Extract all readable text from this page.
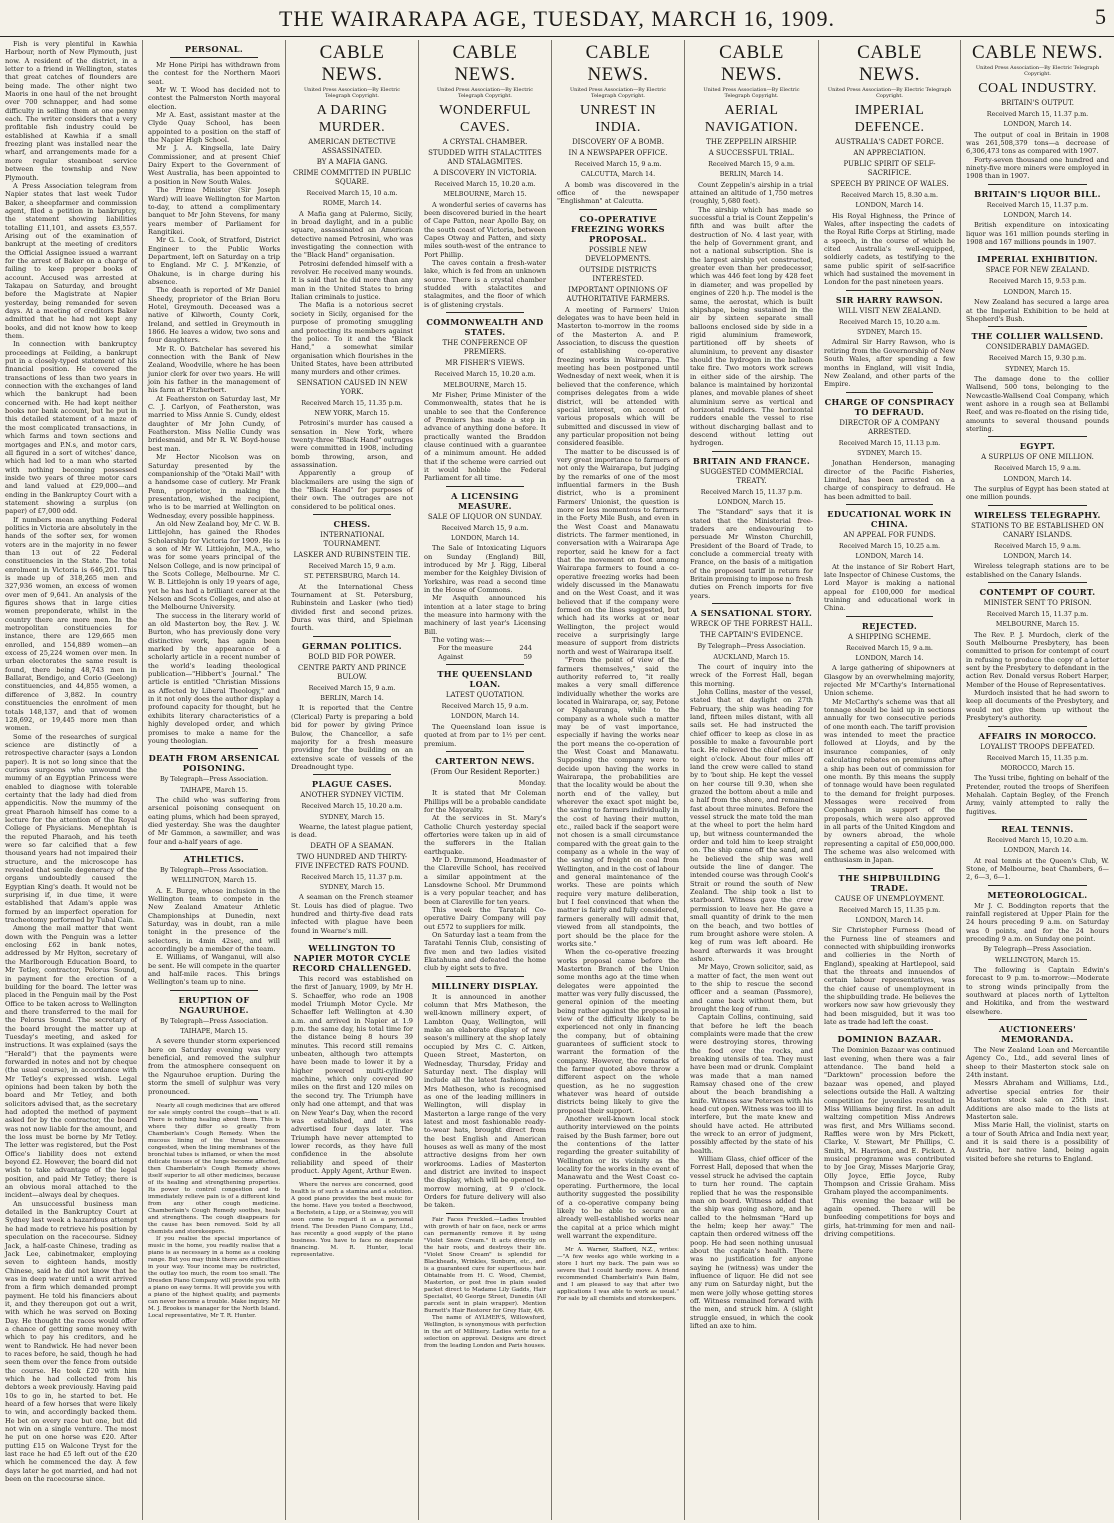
THE WAIRARAPA AGE, TUESDAY, MARCH 16, 1909.	5

Fish is very plentiful in Kawhia Harbour, north of New Plymouth, just now. A resident of the district, in a letter to a friend in Wellington, states that great catches of flounders are being made. The other night two Maoris in one haul of the net brought over 700 schnapper, and had some difficulty in selling them at one penny each. The writer considers that a very profitable fish industry could be established at Kawhia if a small freezing plant was installed near the wharf, and arrangements made for a more regular steamboat service between the township and New Plymouth.

A Press Association telegram from Napier states that last week Tudor Baker, a sheepfarmer and commission agent, filed a petition in bankruptcy, the statement showing liabilities totalling £11,101, and assets £3,557. Arising out of the examination of bankrupt at the meeting of creditors the Official Assignee issued a warrant for the arrest of Baker on a charge of failing to keep proper books of account. Accused was arrested at Takapau on Saturday, and brought before the Magistrate at Napier yesterday, being remanded for seven days. At a meeting of creditors Baker admitted that he had not kept any books, and did not know how to keep them.

In connection with bankruptcy proceedings at Feilding, a bankrupt put in a closely-typed statement of his financial position. He covered the transactions of less than two years in connection with the exchanges of land which the bankrupt had been concerned with. He had kept neither books nor bank account, but he put in this detailed statement of a maze of the most complicated transactions, in which farms and town sections and mortgages and P.N.s, and motor cars, all figured in a sort of witches' dance, which had led to a man who started with nothing becoming possessed inside two years of three motor cars and land valued at £29,000—and ending in the Bankruptcy Court with a statement showing a surplus (on paper) of £7,000 odd.

If numbers mean anything Federal politics in Victoria are absolutely in the hands of the softer sex, for women voters are in the majority in no fewer than 13 out of 22 Federal constituencies in the State. The total enrolment in Victoria is 646,201. This is made up of 318,265 men and 327,936 women, an excess of women over men of 9,641. An analysis of the figures shows that in large cities women preponderate, whilst in the country there are more men. In the metropolitan constituencies for instance, there are 129,665 men enrolled, and 154,889 women—an excess of 25,224 women over men. In urban electorates the same result is found, there being 48,743 men in Ballarat, Bendigo, and Corio (Geelong) constituencies, and 44,855 women, a difference of 3,882. In country constituencies the enrolment of men totals 148,137, and that of women 128,692, or 19,445 more men than women.

Some of the researches of surgical science are distinctly of a retrospective character (says a London paper). It is not so long since that the curious surgeons who unwound the mummy of an Egyptian Princess were enabled to diagnose with tolerable certainty that the lady had died from appendicitis. Now the mummy of the great Pharaoh himself has come to a lecture for the attention of the Royal College of Physicians. Menephtah is the reputed Pharaoh, and his teeth were so far calcified that a few thousand years had not impaired their structure, and the microscope has revealed that senile degeneracy of the organs undoubtedly caused the Egyptian King's death. It would not be surprising if, in due time, it were established that Adam's apple was formed by an imperfect operation for tracheotomy performed by Tubal Cain.

Among the mail matter that went down with the Penguin was a letter enclosing £62 in bank notes, addressed by Mr Hylton, secretary of the Marlborough Education Board, to Mr Tetley, contractor, Pelorus Sound, in payment for the erection of a building for the board. The letter was placed in the Penguin mail by the Post Office to be taken across to Wellington and there transferred to the mail for the Pelorus Sound. The secretary of the board brought the matter up at Tuesday's meeting, and asked for instructions. It was explained (says the "Herald") that the payments were forwarded in notes and not by cheque (the usual course), in accordance with Mr Tetley's expressed wish. Legal opinions had been taken by both the board and Mr Tetley, and both solicitors advised that, as the secretary had adopted the method of payment asked for by the contractor, the board was not now liable for the amount, and the loss must be borne by Mr Tetley. The letter was registered, but the Post Office's liability does not extend beyond £2. However, the board did not wish to take advantage of the legal position, and paid Mr Tetley; there is an obvious moral attached to the incident—always deal by cheques.

An unsuccessful business man detailed in the Bankruptcy Court at Sydney last week a hazardous attempt he had made to retrieve his position by speculation on the racecourse. Sidney Jack, a half-caste Chinese, trading as Jack Lee, cabinetmaker, employing seven to eighteen hands, mostly Chinese, said he did not know that he was in deep water until a writ arrived from a firm which demanded prompt payment. He told his financiers about it, and they thereupon got out a writ, with which he was served on Boxing Day. He thought the races would offer a chance of getting some money with which to pay his creditors, and he went to Randwick. He had never been to races before, he said, though he had seen them over the fence from outside the course. He took £20 with him which he had collected from his debtors a week previously. Having paid 10s to go in, he started to bet. He heard of a few horses that were likely to win, and accordingly backed them. He bet on every race but one, but did not win on a single venture. The most he put on one horse was £20. After putting £15 on Walcone Tryst for the last race he had £5 left out of the £20 which he commenced the day. A few days later he got married, and had not been on the racecourse since.

PERSONAL.

Mr Hone Piripi has withdrawn from the contest for the Northern Maori seat.

Mr W. T. Wood has decided not to contest the Palmerston North mayoral election.

Mr A. East, assistant master at the Clyde Quay School, has been appointed to a position on the staff of the Napier High School.

Mr J. A. Kingsella, late Dairy Commissioner, and at present Chief Dairy Expert to the Government of West Australia, has been appointed to a position in New South Wales.

The Prime Minister (Sir Joseph Ward) will leave Wellington for Marton to-day, to attend a complimentary banquet to Mr John Stevens, for many years member of Parliament for Rangitikei.

Mr G. L. Cook, of Stratford, District Engineer to the Public Works Department, left on Saturday on a trip to England. Mr C. J. M'Kenzie, of Ohakune, is in charge during his absence.

The death is reported of Mr Daniel Sheedy, proprietor of the Brian Boru Hotel, Greymouth. Deceased was a native of Kilworth, County Cork, Ireland, and settled in Greymouth in 1866. He leaves a widow, two sons and four daughters.

Mr R. O. Batchelar has severed his connection with the Bank of New Zealand, Woodville, where he has been junior clerk for over two years. He will join his father in the management of his farm at Fitzherbert.

At Featherston on Saturday last, Mr C. J. Carlyon, of Featherston, was married to Miss Annie S. Cundy, eldest daughter of Mr John Cundy, of Featherston. Miss Nellie Cundy was bridesmaid, and Mr R. W. Boyd-house best man.

Mr Hector Nicolson was on Saturday presented by the companionship of the "Otaki Mail" with a handsome case of cutlery. Mr Frank Penn, proprietor, in making the presentation, wished the recipient, who is to be married at Wellington on Wednesday, every possible happiness.

An old New Zealand boy, Mr C. W. B. Littlejohn, has gained the Rhodes Scholarship for Victoria for 1909. He is a son of Mr W. Littlejohn, M.A., who was for some years principal of the Nelson College, and is now principal of the Scots College, Melbourne. Mr C. W. B. Littlejohn is only 19 years of age, yet he has had a brilliant career at the Nelson and Scots Colleges, and also at the Melbourne University.

The success in the literary world of an old Masterton boy, the Rev. J. W. Burton, who has previously done very distinctive work, has again been marked by the appearance of a scholarly article in a recent number of the world's leading theological publication—"Hibbert's Journal." The article is entitled "Christian Missions as Affected by Liberal Theology," and in it not only does the author display a profound capacity for thought, but he exhibits literary characteristics of a highly developed order, and which promises to make a name for the young theologian.

DEATH FROM ARSENICAL POISONING.
By Telegraph—Press Association.
TAIHAPE, March 15.

The child who was suffering from arsenical poisoning consequent on eating plums, which had been sprayed, died yesterday. She was the daughter of Mr Gammon, a sawmiller, and was four and a-half years of age.

ATHLETICS.
By Telegraph—Press Association.
WELLINGTON, March 15.

A. E. Burge, whose inclusion in the Wellington team to compete in the New Zealand Amateur Athletic Championships at Dunedin, next Saturday, was in doubt, ran a mile tonight in the presence of the selectors, in 4min 42sec, and will accordingly be a member of the team.

E. Williams, of Wanganui, will also be sent. He will compete in the quarter and half-mile races. This brings Wellington's team up to nine.

ERUPTION OF NGAURUHOE.
By Telegraph—Press Association.
TAIHAPE, March 15.

A severe thunder storm experienced here on Saturday evening was very beneficial, and removed the sulphur from the atmosphere consequent on the Ngauruhoe eruption. During the storm the smell of sulphur was very pronounced.

Nearly all cough medicines that are offered for sale simply control the cough—that is all. There is nothing healing about them. This is where they differ so greatly from Chamberlain's Cough Remedy. When the mucous lining of the throat becomes congested, when the lining membranes of the bronchial tubes is inflamed, or when the most delicate tissues of the lungs become affected, then Chamberlain's Cough Remedy shows itself superior to all other medicines, because of its healing and strengthening properties. Its power to control congestion and to immediately relieve pain is of a different kind from any other cough medicine. Chamberlain's Cough Remedy soothes, heals and strengthens. The cough disappears for the cause has been removed. Sold by all chemists and storekeepers.

If you realise the special importance of music in the home, you readily realise that a piano is as necessary in a home as a cooking range. But you may think there are difficulties in your way. Your income may be restricted, the outlay too much, the room too small. The Dresden Piano Company will provide you with a piano on easy terms. It will provide you with a piano of the highest quality, and payments can never become a trouble. Make inquiry. Mr M. J. Brookes is manager for the North Island. Local representative, Mr T. R. Hunter.

CABLE NEWS.
United Press Association—By Electric Telegraph Copyright.
A DARING MURDER.
AMERICAN DETECTIVE ASSASSINATED.
BY A MAFIA GANG.
CRIME COMMITTED IN PUBLIC SQUARE.
Received March 15, 10 a.m.
ROME, March 14.

A Mafia gang at Palermo, Sicily, in broad daylight, and in a public square, assassinated an American detective named Petrosini, who was investigating the connection with the "Black Hand" organisation.

Petrosini defended himself with a revolver. He received many wounds. It is said that he did more than any man in the United States to bring Italian criminals to justice.

The Mafia is a notorious secret society in Sicily, organised for the purpose of promoting smuggling and protecting its members against the police. To it and the "Black Hand," a somewhat similar organisation which flourishes in the United States, have been attributed many murders and other crimes.

SENSATION CAUSED IN NEW YORK.
Received March 15, 11.35 p.m.
NEW YORK, March 15.

Petrosini's murder has caused a sensation in New York, where twenty-three "Black Hand" outrages were committed in 1908, including bomb throwing, arson, and assassination.

Apparently a group of blackmailers are using the sign of the "Black Hand" for purposes of their own. The outrages are not considered to be political ones.

CHESS.
INTERNATIONAL TOURNAMENT.
LASKER AND RUBINSTEIN TIE.
Received March 15, 9 a.m.
ST. PETERSBURG, March 14.

At the International Chess Tournament at St. Petersburg, Rubinstein and Lasker (who tied) divided first and second prizes. Duras was third, and Spielman fourth.

GERMAN POLITICS.
BOLD BID FOR POWER.
CENTRE PARTY AND PRINCE BULOW.
Received March 15, 9 a.m.
BERLIN, March 14.

It is reported that the Centre (Clerical) Party is preparing a bold bid for power by giving Prince Bulow, the Chancellor, a safe majority for a fresh measure providing for the building on an extensive scale of vessels of the Dreadnought type.

PLAGUE CASES.
ANOTHER SYDNEY VICTIM.
Received March 15, 10.20 a.m.
SYDNEY, March 15.

Wearne, the latest plague patient, is dead.

DEATH OF A SEAMAN.
TWO HUNDRED AND THIRTY-FIVE INFECTED RATS FOUND.
Received March 15, 11.37 p.m.
SYDNEY, March 15.

A seaman on the French steamer St. Louis has died of plague. Two hundred and thirty-five dead rats infected with plague have been found in Wearne's mill.

WELLINGTON TO NAPIER MOTOR CYCLE RECORD CHALLENGED.

This record was established on the first of January, 1909, by Mr H. S. Schaeffer, who rode an 1908 model Triumph Motor Cycle. Mr Schaeffer left Wellington at 4.30 a.m. and arrived in Napier at 1.9 p.m. the same day, his total time for the distance being 8 hours 39 minutes. This record still remains unbeaten, although two attempts have been made to lower it by a higher powered multi-cylinder machine, which only covered 90 miles on the first and 120 miles on the second try. The Triumph have only had one attempt, and that was on New Year's Day, when the record was established, and it was advertised four days later. The Triumph have never attempted to lower records, as they have full confidence in the absolute reliability and speed of their product. Apply Agent, Arthur Ewen.

Where the nerves are concerned, good health is of such a stamina and a solution. A good piano provides the best music for the home. Have you tested a Beechwood, a Bechstein, a Lipp, or a Steinway, you will soon come to regard it as a personal friend. The Dresden Piano Company, Ltd., has recently a good supply of the piano business. You have to face no desperate financing. M. R. Hunter, local representative.

CABLE NEWS.
United Press Association—By Electric Telegraph Copyright.
WONDERFUL CAVES.
A CRYSTAL CHAMBER.
STUDDED WITH STALACTITES AND STALAGMITES.
A DISCOVERY IN VICTORIA.
Received March 15, 10.20 a.m.
MELBOURNE, March 15.

A wonderful series of caverns has been discovered buried in the heart of Cape Patton, near Apollo Bay, on the south coast of Victoria, between Capes Otway and Patten, and sixty miles south-west of the entrance to Port Phillip.

The caves contain a fresh-water lake, which is fed from an unknown source. There is a crystal chamber studded with stalactites and stalagmites, and the floor of which is of glistening crystals.

COMMONWEALTH AND STATES.
THE CONFERENCE OF PREMIERS.
MR FISHER'S VIEWS.
Received March 15, 10.20 a.m.
MELBOURNE, March 15.

Mr Fisher, Prime Minister of the Commonwealth, states that he is unable to see that the Conference of Premiers has made a step in advance of anything done before. It practically wanted the Braddon clause continued with a guarantee of a minimum amount. He added that if the scheme were carried out it would hobble the Federal Parliament for all time.

A LICENSING MEASURE.
SALE OF LIQUOR ON SUNDAY.
Received March 15, 9 a.m.
LONDON, March 14.

The Sale of Intoxicating Liquors on Sunday (England) Bill, introduced by Mr J. Rigg, Liberal member for the Keighley Division of Yorkshire, was read a second time in the House of Commons.

Mr Asquith announced his intention at a later stage to bring the measure into harmony with the machinery of last year's Licensing Bill.

The voting was:—

For the measure	244
Against	59
THE QUEENSLAND LOAN.
LATEST QUOTATION.
Received March 15, 9 a.m.
LONDON, March 14.

The Queensland loan issue is quoted at from par to 1½ per cent. premium.

CARTERTON NEWS.
(From Our Resident Reporter.)
Monday.

It is stated that Mr Coleman Phillips will be a probable candidate for the Mayoralty.

At the services in St. Mary's Catholic Church yesterday special offertories were taken up in aid of the sufferers in the Italian earthquake.

Mr D. Drummond, Headmaster of the Clareville School, has received a similar appointment at the Lansdowne School. Mr Drummond is a very popular teacher, and has been at Clareville for ten years.

This week the Taratahi Co-operative Dairy Company will pay out £572 to suppliers for milk.

On Saturday last a team from the Taratahi Tennis Club, consisting of five men and two ladies visited Ekatahuna and defeated the home club by eight sets to five.

MILLINERY DISPLAY.

It is announced in another column that Mrs Matheson, the well-known millinery expert, of Lambton Quay, Wellington, will make an elaborate display of new season's millinery at the shop lately occupied by Mrs C. C. Aitken, Queen Street, Masterton, on Wednesday, Thursday, Friday and Saturday next. The display will include all the latest fashions, and Mrs Matheson, who is recognised as one of the leading milliners in Wellington, will display in Masterton a large range of the very latest and most fashionable ready-to-wear hats, brought direct from the best English and American houses as well as many of the most attractive designs from her own workrooms. Ladies of Masterton and district are invited to inspect the display, which will be opened to-morrow morning, at 9 o'clock. Orders for future delivery will also be taken.

Fair Faces Freckled.—Ladies troubled with growth of hair on face, neck or arms can permanently remove it by using "Violet Snow Cream." It acts directly on the hair roots, and destroys their life. "Violet Snow Cream" is splendid for Blackheads, Wrinkles, Sunburn, etc., and is a guaranteed cure for superfluous hair. Obtainable from H. C. Wood, Chemist, Masterton, or post free in plain sealed packet direct to Madame Lily Gadds, Hair Specialist, 40 George Street, Dunedin (All parcels sent in plain wrapper). Mention Burnett's Hair Restorer for Grey Hair, 4/6.

The name of AYLMER'S, Willowsford, Wellington, is synonymous with perfection in the art of Millinery. Ladies write for a selection on approval. Designs are direct from the leading London and Paris houses.

CABLE NEWS.
United Press Association—By Electric Telegraph Copyright.
UNREST IN INDIA.
DISCOVERY OF A BOMB.
IN A NEWSPAPER OFFICE.
Received March 15, 9 a.m.
CALCUTTA, March 14.

A bomb was discovered in the office of the newspaper "Englishman" at Calcutta.

CO-OPERATIVE FREEZING WORKS PROPOSAL.
POSSIBLE NEW DEVELOPMENTS.
OUTSIDE DISTRICTS INTERESTED.
IMPORTANT OPINIONS OF AUTHORITATIVE FARMERS.

A meeting of Farmers' Union delegates was to have been held in Masterton to-morrow in the rooms of the Masterton A. and P. Association, to discuss the question of establishing co-operative freezing works in Wairarapa. The meeting has been postponed until Wednesday of next week, when it is believed that the conference, which comprises delegates from a wide district, will be attended with special interest, on account of various proposals which will be submitted and discussed in view of any particular proposition not being considered feasible.

The matter to be discussed is of very great importance to farmers of not only the Wairarapa, but judging by the remarks of one of the most influential farmers in the Bush district, who is a prominent Farmers' Unionist, the question is more or less momentous to farmers in the Forty Mile Bush, and even in the West Coast and Manawatu districts. The farmer mentioned, in conversation with a Wairarapa Age reporter, said he knew for a fact that the movement on foot among Wairarapa farmers to found a co-operative freezing works had been widely discussed in the Manawatu and on the West Coast, and it was believed that if the company were formed on the lines suggested, but which had its works at or near Wellington, the project would receive a surprisingly large measure of support from districts north and west of Wairarapa itself.

"From the point of view of the farmers themselves," said the authority referred to, "it really makes a very small difference individually whether the works are located in Wairarapa, or, say, Petone or Ngahauranga, while to the company as a whole such a matter may be of vast importance, especially if having the works near the port means the co-operation of the West Coast and Manawatu. Supposing the company were to decide upon having the works in Wairarapa, the probabilities are that the locality would be about the north end of the valley, but wherever the exact spot might be, the saving to farmers individually in the cost of having their mutton, etc., railed back if the seaport were not chosen is a small circumstance compared with the great gain to the company as a whole in the way of the saving of freight on coal from Wellington, and in the cost of labour and general maintenance of the works. These are points which require very mature deliberation, but I feel convinced that when the matter is fairly and fully considered, farmers generally will admit that, viewed from all standpoints, the port should be the place for the works site."

When the co-operative freezing works proposal came before the Masterton Branch of the Union some months ago at the time when delegates were appointed the matter was very fully discussed, the general opinion of the meeting being rather against the proposal in view of the difficulty likely to be experienced not only in financing the company, but of obtaining guarantees of sufficient stock to warrant the formation of the company. However, the remarks of the farmer quoted above throw a different aspect on the whole question, as he no suggestion whatever was heard of outside districts being likely to give the proposal their support.

Another well-known local stock authority interviewed on the points raised by the Bush farmer, bore out the contentions of the latter regarding the greater suitability of Wellington or its vicinity as the locality for the works in the event of Manawatu and the West Coast co-operating. Furthermore, the local authority suggested the possibility of a co-operative company being likely to be able to secure an already well-established works near the capital at a price which might well warrant the expenditure.

Mr A. Warner, Stafford, N.Z., writes:—"A few weeks ago while working in a store I hurt my back. The pain was so severe that I could hardly move. A friend recommended Chamberlain's Pain Balm, and I am pleased to say that after two applications I was able to work as usual." For sale by all chemists and storekeepers.

CABLE NEWS.
United Press Association—By Electric Telegraph Copyright.
AERIAL NAVIGATION.
THE ZEPPELIN AIRSHIP.
A SUCCESSFUL TRIAL.
Received March 15, 9 a.m.
BERLIN, March 14.

Count Zeppelin's airship in a trial attained an altitude of 1,750 metres (roughly, 5,680 feet).

The airship which has made so successful a trial is Count Zeppelin's fifth and was built after the destruction of No. 4 last year, with the help of Government grant, and not a national subscription. She is the largest airship yet constructed, greater even than her predecessor, which was 446 feet long by 428 feet in diameter, and was propelled by engines of 220 h.p. The model is the same, the aerostat, which is built shipshape, being sustained in the air by sixteen separate small balloons enclosed side by side in a rigid aluminium framework, partitioned off by sheets of aluminium, to prevent any disaster should the hydrogen in the balloon take fire. Two motors work screws in either side of the airship. The balance is maintained by horizontal planes, and movable planes of sheet aluminium serve as vertical and horizontal rudders. The horizontal rudders enable the vessel to rise without discharging ballast and to descend without letting out hydrogen.

BRITAIN AND FRANCE.
SUGGESTED COMMERCIAL TREATY.
Received March 15, 11.37 p.m.
LONDON, March 15.

The "Standard" says that it is stated that the Ministerial free-traders are endeavouring to persuade Mr Winston Churchill, President of the Board of Trade, to conclude a commercial treaty with France, on the basis of a mitigation of the proposed tariff in return for Britain promising to impose no fresh duties on French imports for five years.

A SENSATIONAL STORY.
WRECK OF THE FORREST HALL.
THE CAPTAIN'S EVIDENCE.
By Telegraph—Press Association.
AUCKLAND, March 15.

The court of inquiry into the wreck of the Forrest Hall, began this morning.

John Collins, master of the vessel, stated that at daylight on 27th February, the ship was heading for land, fifteen miles distant, with all sails set. He had instructed the chief officer to keep as close in as possible to make a favourable port tack. He relieved the chief officer at eight o'clock. About four miles off land the crew were called to stand by to 'bout ship. He kept the vessel on her course till 9.30, when she grazed the bottom about a mile and a half from the shore, and remained fast about three minutes. Before the vessel struck the mate told the man at the wheel to port the helm hard up, but witness countermanded the order and told him to keep straight on. The ship came off the sand, and he believed the ship was well outside the line of danger. The intended course was through Cook's Strait or round the south of New Zealand. The ship took a list to starboard. Witness gave the crew permission to leave her. He gave a small quantity of drink to the men on the beach, and two bottles of rum brought ashore were stolen. A keg of rum was left aboard. He heard afterwards it was brought ashore.

Mr Mayo, Crown solicitor, said, as a matter of fact, the men went out to the ship to rescue the second officer and a seaman (Passmore), and came back without them, but brought the keg of rum.

Captain Collins, continuing, said that before he left the beach complaints were made that the crew were destroying stores, throwing the food over the rocks, and breaking utensils of tea. They must have been mad or drunk. Complaint was made that a man named Ramsay chased one of the crew about the beach brandishing a knife. Witness saw Petersen with his head cut open. Witness was too ill to interfere, but the mate knew and should have acted. He attributed the wreck to an error of judgment, possibly affected by the state of his health.

William Glass, chief officer of the Forrest Hall, deposed that when the vessel struck he advised the captain to turn her round. The captain replied that he was the responsible man on board. Witness added that the ship was going ashore, and he called to the helmsman "Hard up the helm; keep her away." The captain then ordered witness off the poop. He had seen nothing unusual about the captain's health. There was no justification for anyone saying he (witness) was under the influence of liquor. He did not see any rum on Saturday night, but the men were jolly whose getting stores off. Witness remained forward with the men, and struck him. A (slight struggle ensued, in which the cook lifted an axe to him.

CABLE NEWS.
United Press Association—By Electric Telegraph Copyright.
IMPERIAL DEFENCE.
AUSTRALIA'S CADET FORCE.
AN APPRECIATION.
PUBLIC SPIRIT OF SELF-SACRIFICE.
SPEECH BY PRINCE OF WALES.
Received March 15, 8.30 a.m.
LONDON, March 14.

His Royal Highness, the Prince of Wales, after inspecting the cadets of the Royal Rifle Corps at Stirling, made a speech, in the course of which he cited Australia's well-equipped, soldierly cadets, as testifying to the same public spirit of self-sacrifice which had sustained the movement in London for the past nineteen years.

SIR HARRY RAWSON.
WILL VISIT NEW ZEALAND.
Received March 15, 10.20 a.m.
SYDNEY, March 15.

Admiral Sir Harry Rawson, who is retiring from the Governorship of New South Wales, after spending a few months in England, will visit India, New Zealand, and other parts of the Empire.

CHARGE OF CONSPIRACY TO DEFRAUD.
DIRECTOR OF A COMPANY ARRESTED.
Received March 15, 11.13 p.m.
SYDNEY, March 15.

Jonathan Henderson, managing director of the Pacific Fisheries, Limited, has been arrested on a charge of conspiracy to defraud. He has been admitted to bail.

EDUCATIONAL WORK IN CHINA.
AN APPEAL FOR FUNDS.
Received March 15, 10.25 a.m.
LONDON, March 14.

At the instance of Sir Robert Hart, late Inspector of Chinese Customs, the Lord Mayor is making a national appeal for £100,000 for medical training and educational work in China.

REJECTED.
A SHIPPING SCHEME.
Received March 15, 9 a.m.
LONDON, March 14.

A large gathering of shipowners at Glasgow by an overwhelming majority, rejected Mr M'Carthy's International Union scheme.

Mr McCarthy's scheme was that all tonnage should be laid up in sections annually for two consecutive periods of one month each. The tariff provision was intended to meet the practice followed at Lloyds, and by the insurance companies, of only calculating rebates on premiums after a ship has been out of commission for one month. By this means the supply of tonnage would have been regulated to the demand for freight purposes. Messages were received from Copenhagen in support of the proposals, which were also approved in all parts of the United Kingdom and by owners abroad, the whole representing a capital of £50,000,000. The scheme was also welcomed with enthusiasm in Japan.

THE SHIPBUILDING TRADE.
CAUSE OF UNEMPLOYMENT.
Received March 15, 11.35 p.m.
LONDON, March 14.

Sir Christopher Furness (head of the Furness line of steamers and connected with shipbuilding ironworks and collieries in the North of England), speaking at Hartlepool, said that the threats and innuendos of certain labour representatives, was the chief cause of unemployment in the shipbuilding trade. He believes the workers now saw how grievously they had been misguided, but it was too late as trade had left the coast.

DOMINION BAZAAR.

The Dominion Bazaar was continued last evening, when there was a fair attendance. The band held a "Darktown" procession before the bazaar was opened, and played selections outside the Hall. A waltzing competition for juveniles resulted in Miss Williams being first. In an adult waltzing competition Miss Andrews was first, and Mrs Williams second. Raffles were won by Mrs Pickett, Clarke, V. Stewart, Mr Phillips, C. Smith, M. Harrison, and E. Pickett. A musical programme was contributed to by Joe Gray, Misses Marjorie Gray, Olly Joyce, Effie Joyce, Ruby Thompson and Crissie Graham. Miss Graham played the accompaniments.

This evening the bazaar will be again opened. There will be bunfeeding competitions for boys and girls, hat-trimming for men and nail-driving competitions.

CABLE NEWS.
United Press Association—By Electric Telegraph Copyright.
COAL INDUSTRY.
BRITAIN'S OUTPUT.
Received March 15, 11.37 p.m.
LONDON, March 14.

The output of coal in Britain in 1908 was 261,508,379 tons—a decrease of 6,306,473 tons as compared with 1907.

Forty-seven thousand one hundred and ninety-five more miners were employed in 1908 than in 1907.

BRITAIN'S LIQUOR BILL.
Received March 15, 11.37 p.m.
LONDON, March 14.

British expenditure on intoxicating liquor was 161 million pounds sterling in 1908 and 167 millions pounds in 1907.

IMPERIAL EXHIBITION.
SPACE FOR NEW ZEALAND.
Received March 15, 9.53 p.m.
LONDON, March 15.

New Zealand has secured a large area at the Imperial Exhibition to be held at Shepherd's Bush.

THE COLLIER WALLSEND.
CONSIDERABLY DAMAGED.
Received March 15, 9.30 p.m.
SYDNEY, March 15.

The damage done to the collier Wallsend, 500 tons, belonging to the Newcastle-Wallsend Coal Company, which went ashore in a rough sea at Bellambi Reef, and was re-floated on the rising tide, amounts to several thousand pounds sterling.

EGYPT.
A SURPLUS OF ONE MILLION.
Received March 15, 9 a.m.
LONDON, March 14.

The surplus of Egypt has been stated at one million pounds.

WIRELESS TELEGRAPHY.
STATIONS TO BE ESTABLISHED ON CANARY ISLANDS.
Received March 15, 9 a.m.
LONDON, March 14.

Wireless telegraph stations are to be established on the Canary Islands.

CONTEMPT OF COURT.
MINISTER SENT TO PRISON.
Received March 15, 11.37 p.m.
MELBOURNE, March 15.

The Rev. P. J. Murdoch, clerk of the South Melbourne Presbytery, has been committed to prison for contempt of court in refusing to produce the copy of a letter sent by the Presbytery to defendant in the action Rev. Donald versus Robert Harper, Member of the House of Representatives.

Murdoch insisted that he had sworn to keep all documents of the Presbytery, and would not give them up without the Presbytery's authority.

AFFAIRS IN MOROCCO.
LOYALIST TROOPS DEFEATED.
Received March 15, 11.35 p.m.
MOROCCO, March 15.

The Yussi tribe, fighting on behalf of the Pretender, routed the troops of Sherifeen Mehalah. Captain Begley, of the French Army, vainly attempted to rally the fugitives.

REAL TENNIS.
Received March 15, 10.20 a.m.
LONDON, March 14.

At real tennis at the Queen's Club, W. Stone, of Melbourne, beat Chambers, 6—2, 6—3, 6—1.

METEOROLOGICAL.

Mr J. C. Boddington reports that the rainfall registered at Upper Plain for the 24 hours preceding 9 a.m. on Saturday was 0 points, and for the 24 hours preceding 9 a.m. on Sunday one point.

By Telegraph—Press Association.
WELLINGTON, March 15.

The following is Captain Edwin's forecast to 9 p.m. to-morrow:—Moderate to strong winds principally from the southward at places north of Lyttelton and Hokitika, and from the westward elsewhere.

AUCTIONEERS' MEMORANDA.

The New Zealand Loan and Mercantile Agency Co., Ltd., add several lines of sheep to their Masterton stock sale on 24th instant.

Messrs Abraham and Williams, Ltd., advertise special entries for their Masterton stock sale on 25th inst. Additions are also made to the lists at Masterton sale.

Miss Marie Hall, the violinist, starts on a tour of South Africa and India next year, and it is said there is a possibility of Austria, her native land, being again visited before she returns to England.
